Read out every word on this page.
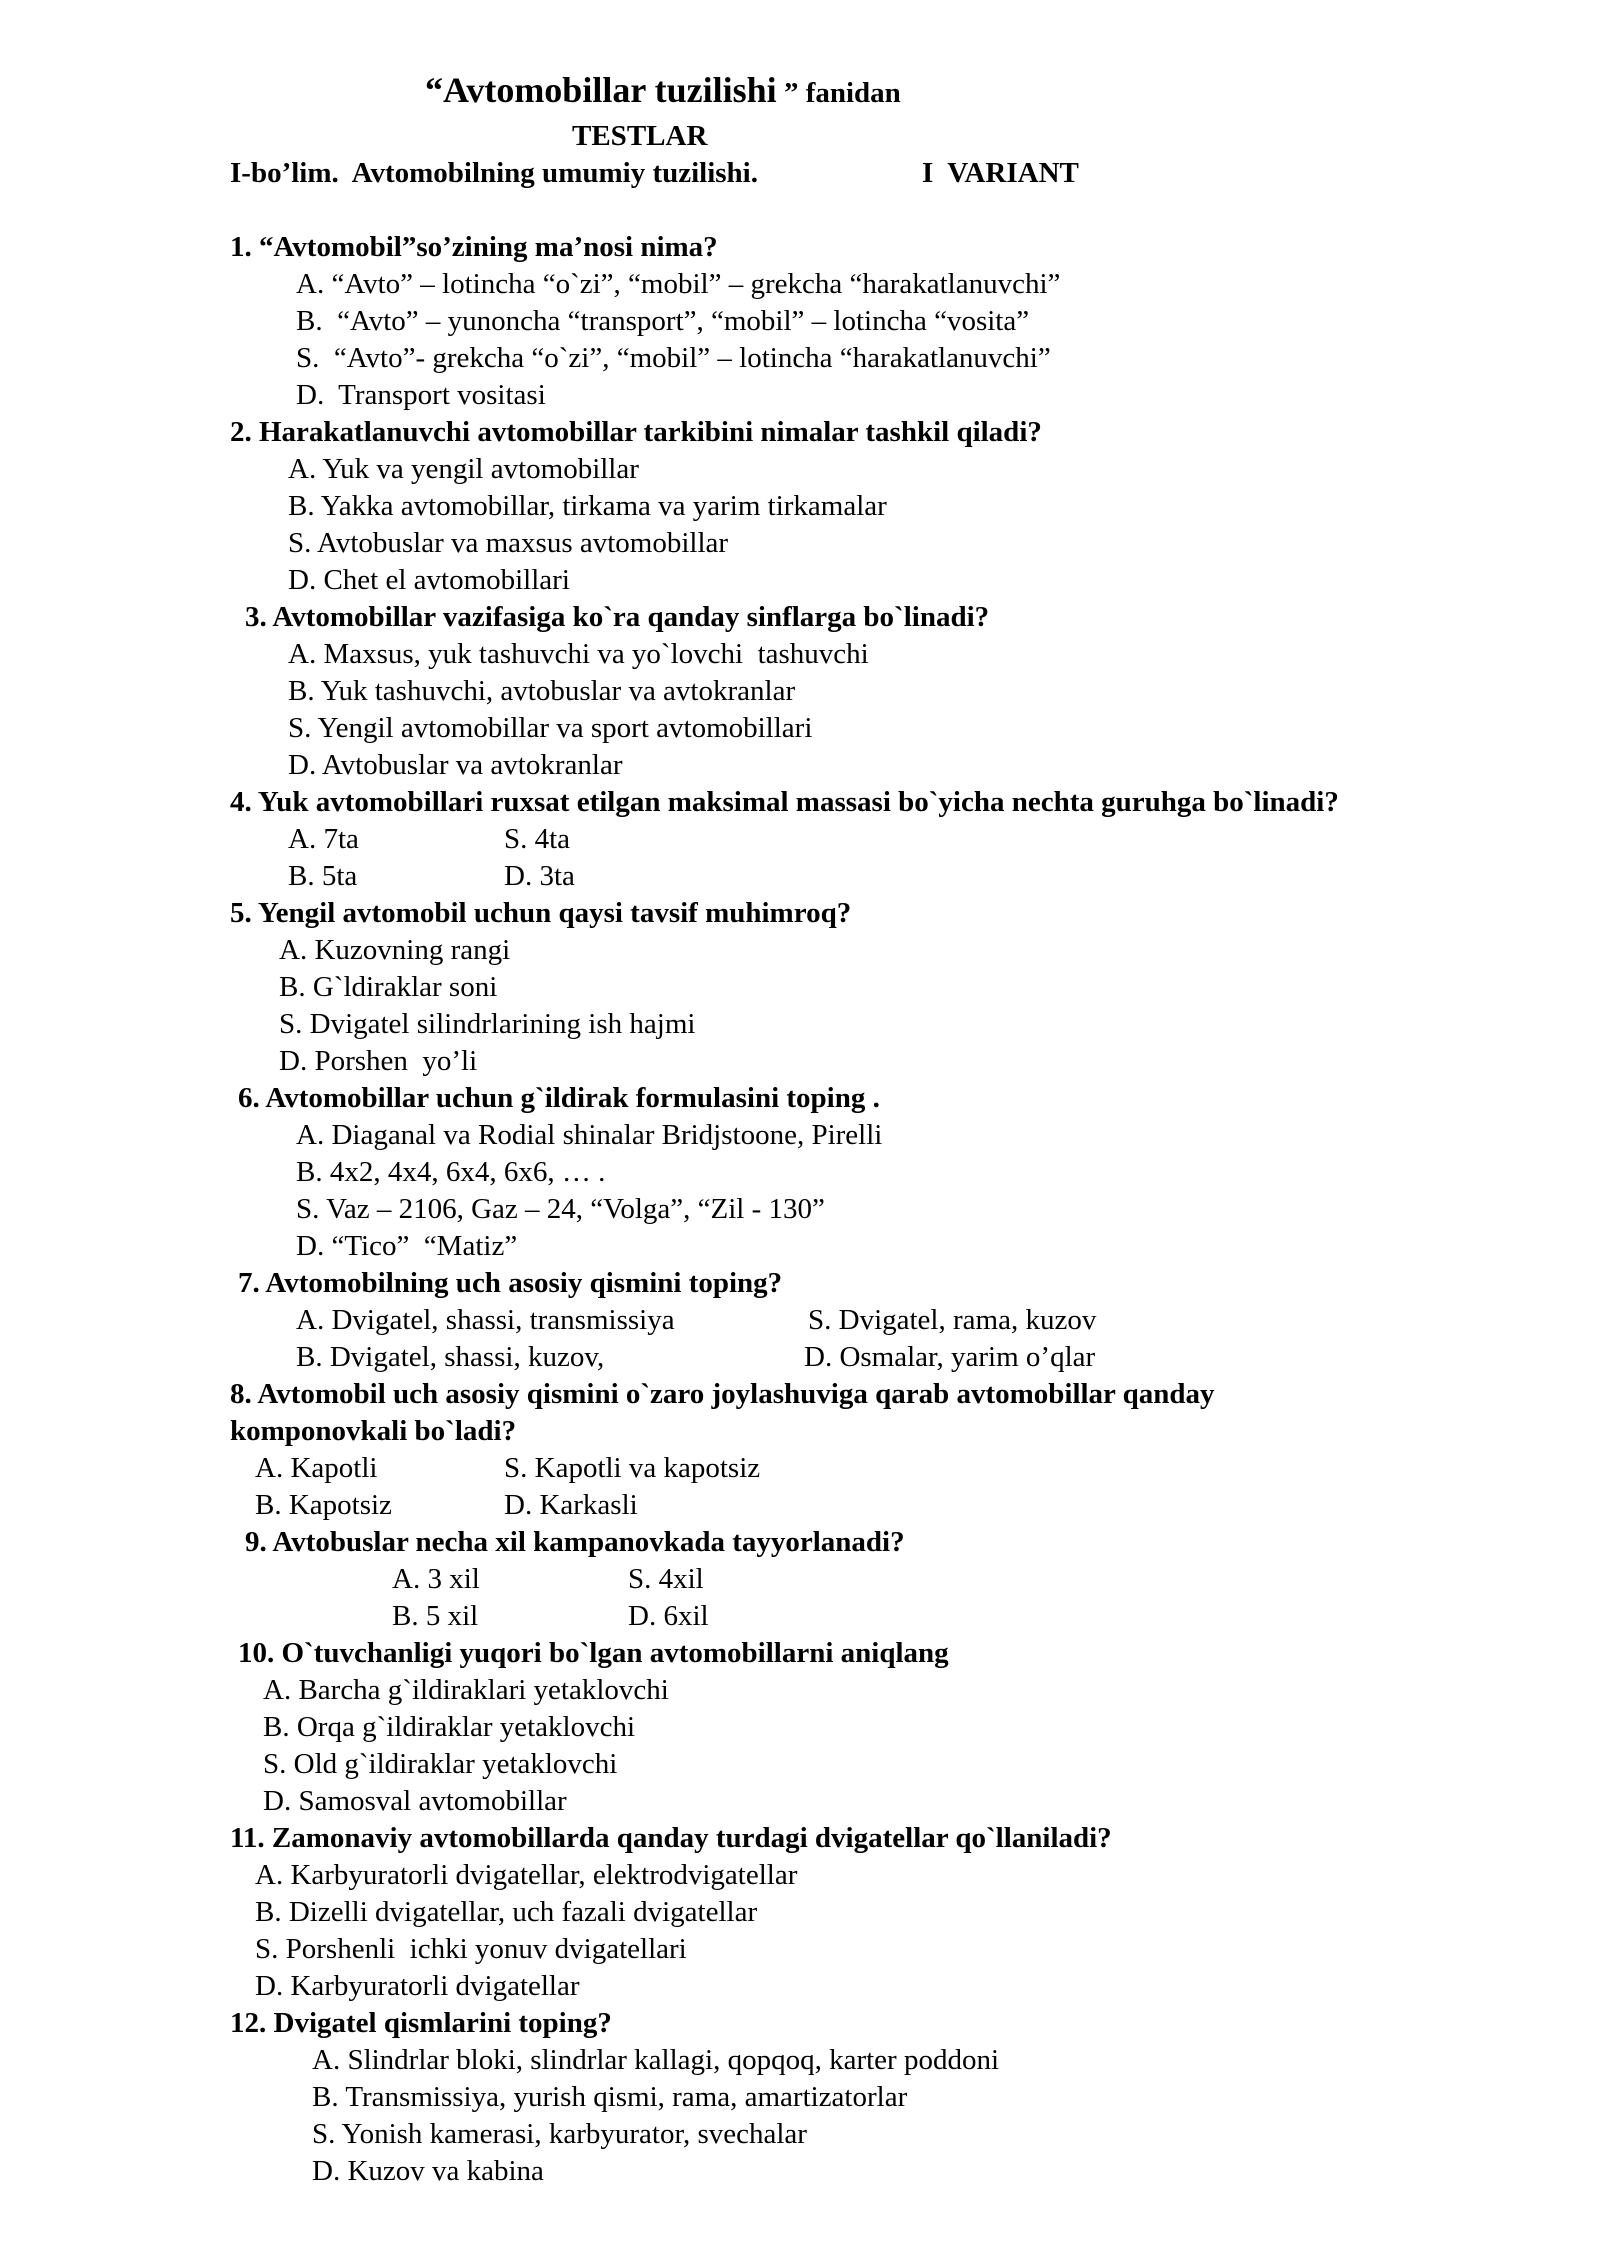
“Avtomobillar tuzilishi ” fanidan
TESTLAR
I-bo’lim.  Avtomobilning umumiy tuzilishi.	I  VARIANT
1. “Avtomobil”so’zining ma’nosi nima?
A. “Avto” – lotincha “o`zi”, “mobil” – grekcha “harakatlanuvchi”
B.  “Avto” – yunoncha “transport”, “mobil” – lotincha “vosita”
S.  “Avto”- grekcha “o`zi”, “mobil” – lotincha “harakatlanuvchi”
D.  Transport vositasi
2. Harakatlanuvchi avtomobillar tarkibini nimalar tashkil qiladi?
A. Yuk va yengil avtomobillar
B. Yakka avtomobillar, tirkama va yarim tirkamalar
S. Avtobuslar va maxsus avtomobillar
D. Chet el avtomobillari
3. Avtomobillar vazifasiga ko`ra qanday sinflarga bo`linadi?
A. Maxsus, yuk tashuvchi va yo`lovchi  tashuvchi
B. Yuk tashuvchi, avtobuslar va avtokranlar
S. Yengil avtomobillar va sport avtomobillari
D. Avtobuslar va avtokranlar
4. Yuk avtomobillari ruxsat etilgan maksimal massasi bo`yicha nechta guruhga bo`linadi?
A. 7ta	S. 4ta
B. 5ta	D. 3ta
5. Yengil avtomobil uchun qaysi tavsif muhimroq?
A. Kuzovning rangi
B. G`ldiraklar soni
S. Dvigatel silindrlarining ish hajmi
D. Porshen  yo’li
6. Avtomobillar uchun g`ildirak formulasini toping .
A. Diaganal va Rodial shinalar Bridjstoone, Pirelli
B. 4x2, 4x4, 6x4, 6x6, … .
S. Vaz – 2106, Gaz – 24, “Volga”, “Zil - 130”
D. “Tico”  “Matiz”
7. Avtomobilning uch asosiy qismini toping?
A. Dvigatel, shassi, transmissiya	S. Dvigatel, rama, kuzov
B. Dvigatel, shassi, kuzov,	D. Osmalar, yarim o’qlar
8. Avtomobil uch asosiy qismini o`zaro joylashuviga qarab avtomobillar qanday
komponovkali bo`ladi?
A. Kapotli	S. Kapotli va kapotsiz
B. Kapotsiz	D. Karkasli
9. Avtobuslar necha xil kampanovkada tayyorlanadi?
A. 3 xil	S. 4xil
B. 5 xil	D. 6xil
10. O`tuvchanligi yuqori bo`lgan avtomobillarni aniqlang
A. Barcha g`ildiraklari yetaklovchi
B. Orqa g`ildiraklar yetaklovchi
S. Old g`ildiraklar yetaklovchi
D. Samosval avtomobillar
11. Zamonaviy avtomobillarda qanday turdagi dvigatellar qo`llaniladi?
A. Karbyuratorli dvigatellar, elektrodvigatellar
B. Dizelli dvigatellar, uch fazali dvigatellar
S. Porshenli  ichki yonuv dvigatellari
D. Karbyuratorli dvigatellar
12. Dvigatel qismlarini toping?
A. Slindrlar bloki, slindrlar kallagi, qopqoq, karter poddoni
B. Transmissiya, yurish qismi, rama, amartizatorlar
S. Yonish kamerasi, karbyurator, svechalar
D. Kuzov va kabina
